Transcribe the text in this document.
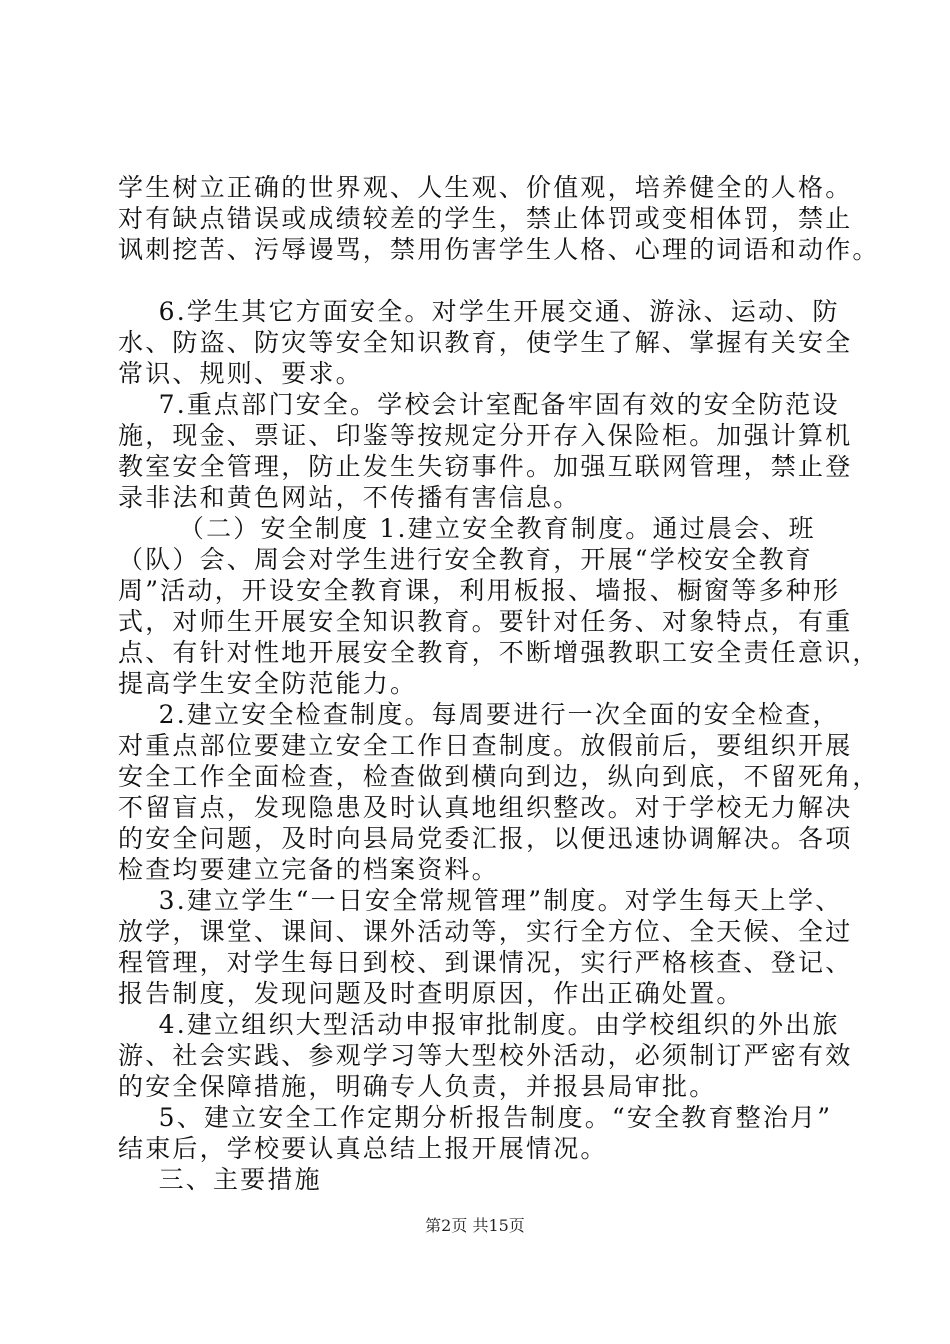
学生树立正确的世界观、人生观、价值观，培养健全的人格。
对有缺点错误或成绩较差的学生，禁止体罚或变相体罚，禁止
讽刺挖苦、污辱谩骂，禁用伤害学生人格、心理的词语和动作。
6.学生其它方面安全。对学生开展交通、游泳、运动、防
水、防盗、防灾等安全知识教育，使学生了解、掌握有关安全
常识、规则、要求。
7.重点部门安全。学校会计室配备牢固有效的安全防范设
施，现金、票证、印鉴等按规定分开存入保险柜。加强计算机
教室安全管理，防止发生失窃事件。加强互联网管理，禁止登
录非法和黄色网站，不传播有害信息。
（二）安全制度 1.建立安全教育制度。通过晨会、班
（队）会、周会对学生进行安全教育，开展“学校安全教育
周”活动，开设安全教育课，利用板报、墙报、橱窗等多种形
式，对师生开展安全知识教育。要针对任务、对象特点，有重
点、有针对性地开展安全教育，不断增强教职工安全责任意识，
提高学生安全防范能力。
2.建立安全检查制度。每周要进行一次全面的安全检查，
对重点部位要建立安全工作日查制度。放假前后，要组织开展
安全工作全面检查，检查做到横向到边，纵向到底，不留死角，
不留盲点，发现隐患及时认真地组织整改。对于学校无力解决
的安全问题，及时向县局党委汇报，以便迅速协调解决。各项
检查均要建立完备的档案资料。
3.建立学生“一日安全常规管理”制度。对学生每天上学、
放学，课堂、课间、课外活动等，实行全方位、全天候、全过
程管理，对学生每日到校、到课情况，实行严格核查、登记、
报告制度，发现问题及时查明原因，作出正确处置。
4.建立组织大型活动申报审批制度。由学校组织的外出旅
游、社会实践、参观学习等大型校外活动，必须制订严密有效
的安全保障措施，明确专人负责，并报县局审批。
5、建立安全工作定期分析报告制度。“安全教育整治月”
结束后，学校要认真总结上报开展情况。
三、主要措施
第2页 共15页
